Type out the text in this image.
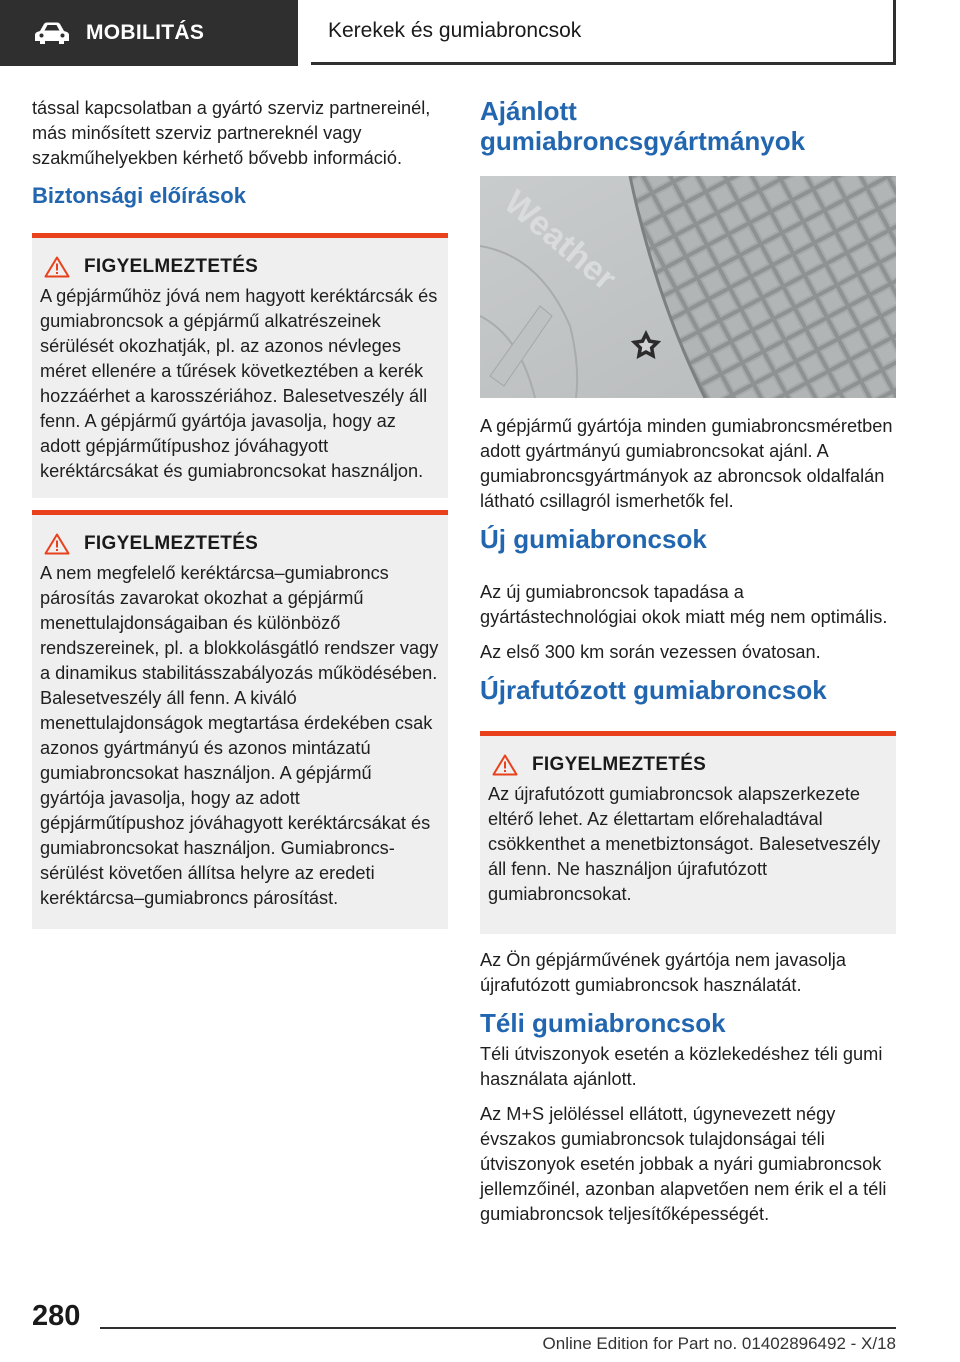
MOBILITÁS	Kerekek és gumiabroncsok

tással kapcsolatban a gyártó szerviz partnereinél, más minősített szerviz partnereknél vagy szakműhelyekben kérhető bővebb információ.

Biztonsági előírások
FIGYELMEZTETÉS

A gépjárműhöz jóvá nem hagyott keréktárcsák és gumiabroncsok a gépjármű alkatrészeinek sérülését okozhatják, pl. az azonos névleges méret ellenére a tűrések következtében a kerék hozzáérhet a karosszériához. Balesetveszély áll fenn. A gépjármű gyártója javasolja, hogy az adott gépjárműtípushoz jóváhagyott keréktárcsákat és gumiabroncsokat használjon.

FIGYELMEZTETÉS

A nem megfelelő keréktárcsa–gumiabroncs párosítás zavarokat okozhat a gépjármű menettulajdonságaiban és különböző rendszereinek, pl. a blokkolásgátló rendszer vagy a dinamikus stabilitásszabályozás működésében. Balesetveszély áll fenn. A kiváló menettulajdonságok megtartása érdekében csak azonos gyártmányú és azonos mintázatú gumiabroncsokat használjon. A gépjármű gyártója javasolja, hogy az adott gépjárműtípushoz jóváhagyott keréktárcsákat és gumiabroncsokat használjon. Gumiabroncs-sérülést követően állítsa helyre az eredeti keréktárcsa–gumiabroncs párosítást.

Ajánlott gumiabroncsgyártmányok
Weather

A gépjármű gyártója minden gumiabroncsméretben adott gyártmányú gumiabroncsokat ajánl. A gumiabroncsgyártmányok az abroncsok oldalfalán látható csillagról ismerhetők fel.

Új gumiabroncsok

Az új gumiabroncsok tapadása a gyártástechnológiai okok miatt még nem optimális.

Az első 300 km során vezessen óvatosan.

Újrafutózott gumiabroncsok
FIGYELMEZTETÉS

Az újrafutózott gumiabroncsok alapszerkezete eltérő lehet. Az élettartam előrehaladtával csökkenthet a menetbiztonságot. Balesetveszély áll fenn. Ne használjon újrafutózott gumiabroncsokat.

Az Ön gépjárművének gyártója nem javasolja újrafutózott gumiabroncsok használatát.

Téli gumiabroncsok

Téli útviszonyok esetén a közlekedéshez téli gumi használata ajánlott.

Az M+S jelöléssel ellátott, úgynevezett négy évszakos gumiabroncsok tulajdonságai téli útviszonyok esetén jobbak a nyári gumiabroncsok jellemzőinél, azonban alapvetően nem érik el a téli gumiabroncsok teljesítőképességét.

280
Online Edition for Part no. 01402896492 - X/18
